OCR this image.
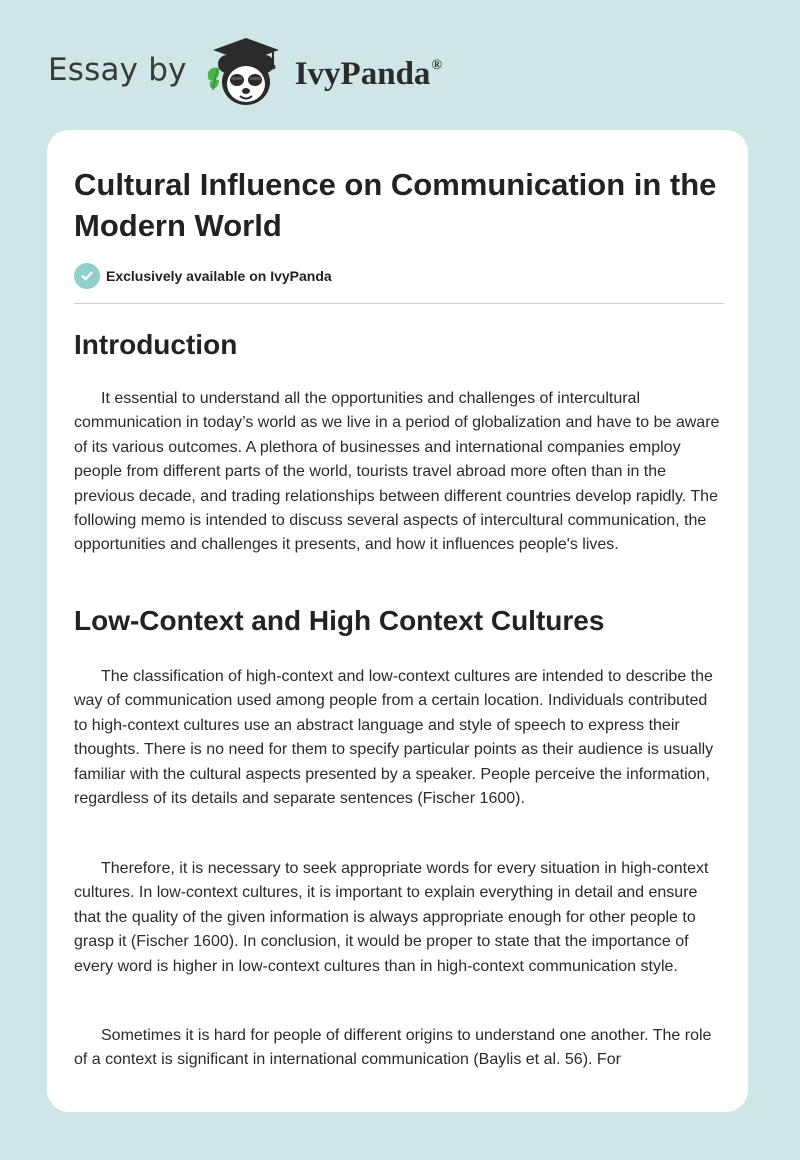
Essay by	IvyPanda®
Cultural Influence on Communication in the Modern World
Exclusively available on IvyPanda
Introduction

It essential to understand all the opportunities and challenges of intercultural communication in today’s world as we live in a period of globalization and have to be aware of its various outcomes. A plethora of businesses and international companies employ people from different parts of the world, tourists travel abroad more often than in the previous decade, and trading relationships between different countries develop rapidly. The following memo is intended to discuss several aspects of intercultural communication, the opportunities and challenges it presents, and how it influences people's lives.

Low-Context and High Context Cultures

The classification of high-context and low-context cultures are intended to describe the way of communication used among people from a certain location. Individuals contributed to high-context cultures use an abstract language and style of speech to express their thoughts. There is no need for them to specify particular points as their audience is usually familiar with the cultural aspects presented by a speaker. People perceive the information, regardless of its details and separate sentences (Fischer 1600).

Therefore, it is necessary to seek appropriate words for every situation in high-context cultures. In low-context cultures, it is important to explain everything in detail and ensure that the quality of the given information is always appropriate enough for other people to grasp it (Fischer 1600). In conclusion, it would be proper to state that the importance of every word is higher in low-context cultures than in high-context communication style.

Sometimes it is hard for people of different origins to understand one another. The role of a context is significant in international communication (Baylis et al. 56). For
